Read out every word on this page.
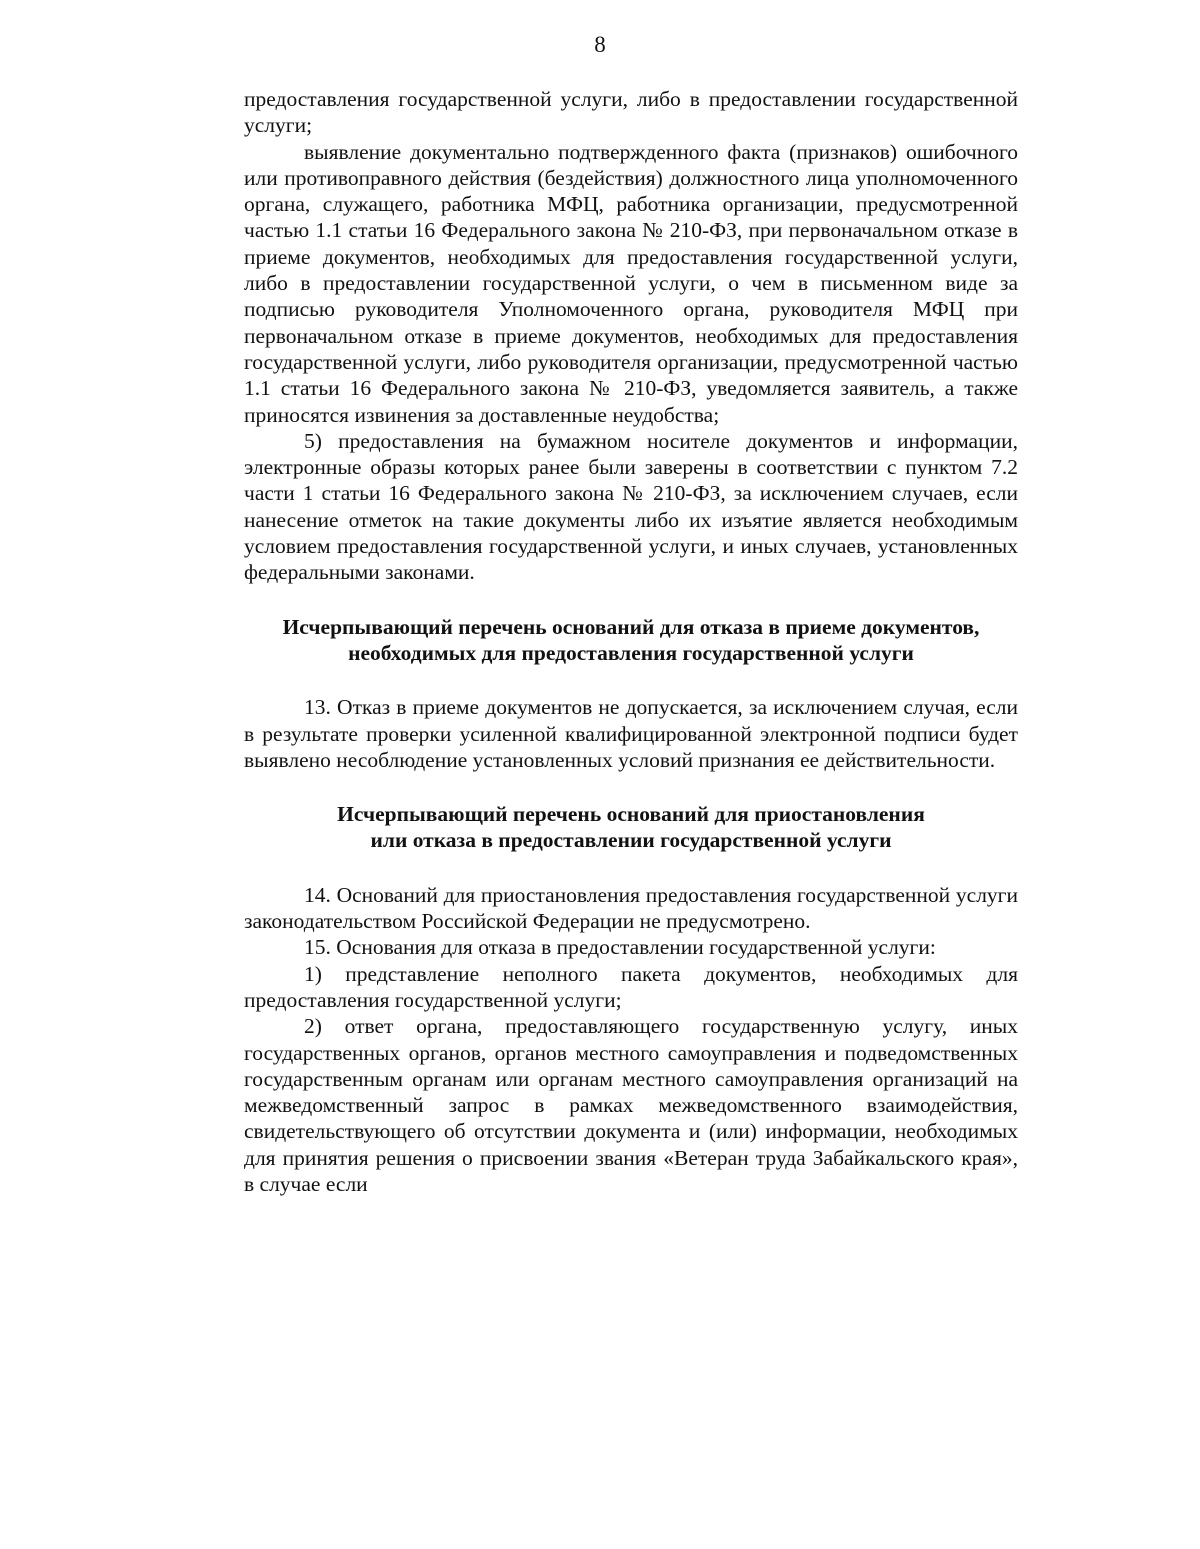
8

предоставления государственной услуги, либо в предоставлении государственной услуги;

выявление документально подтвержденного факта (признаков) ошибочного или противоправного действия (бездействия) должностного лица уполномоченного органа, служащего, работника МФЦ, работника организации, предусмотренной частью 1.1 статьи 16 Федерального закона № 210-ФЗ, при первоначальном отказе в приеме документов, необходимых для предоставления государственной услуги, либо в предоставлении государственной услуги, о чем в письменном виде за подписью руководителя Уполномоченного органа, руководителя МФЦ при первоначальном отказе в приеме документов, необходимых для предоставления государственной услуги, либо руководителя организации, предусмотренной частью 1.1 статьи 16 Федерального закона № 210-ФЗ, уведомляется заявитель, а также приносятся извинения за доставленные неудобства;

5) предоставления на бумажном носителе документов и информации, электронные образы которых ранее были заверены в соответствии с пунктом 7.2 части 1 статьи 16 Федерального закона № 210-ФЗ, за исключением случаев, если нанесение отметок на такие документы либо их изъятие является необходимым условием предоставления государственной услуги, и иных случаев, установленных федеральными законами.

Исчерпывающий перечень оснований для отказа в приеме документов,

необходимых для предоставления государственной услуги

13. Отказ в приеме документов не допускается, за исключением случая, если в результате проверки усиленной квалифицированной электронной подписи будет выявлено несоблюдение установленных условий признания ее действительности.

Исчерпывающий перечень оснований для приостановления

или отказа в предоставлении государственной услуги

14. Оснований для приостановления предоставления государственной услуги законодательством Российской Федерации не предусмотрено.

15. Основания для отказа в предоставлении государственной услуги:

1) представление неполного пакета документов, необходимых для предоставления государственной услуги;

2) ответ органа, предоставляющего государственную услугу, иных государственных органов, органов местного самоуправления и подведомственных государственным органам или органам местного самоуправления организаций на межведомственный запрос в рамках межведомственного взаимодействия, свидетельствующего об отсутствии документа и (или) информации, необходимых для принятия решения о присвоении звания «Ветеран труда Забайкальского края», в случае если
